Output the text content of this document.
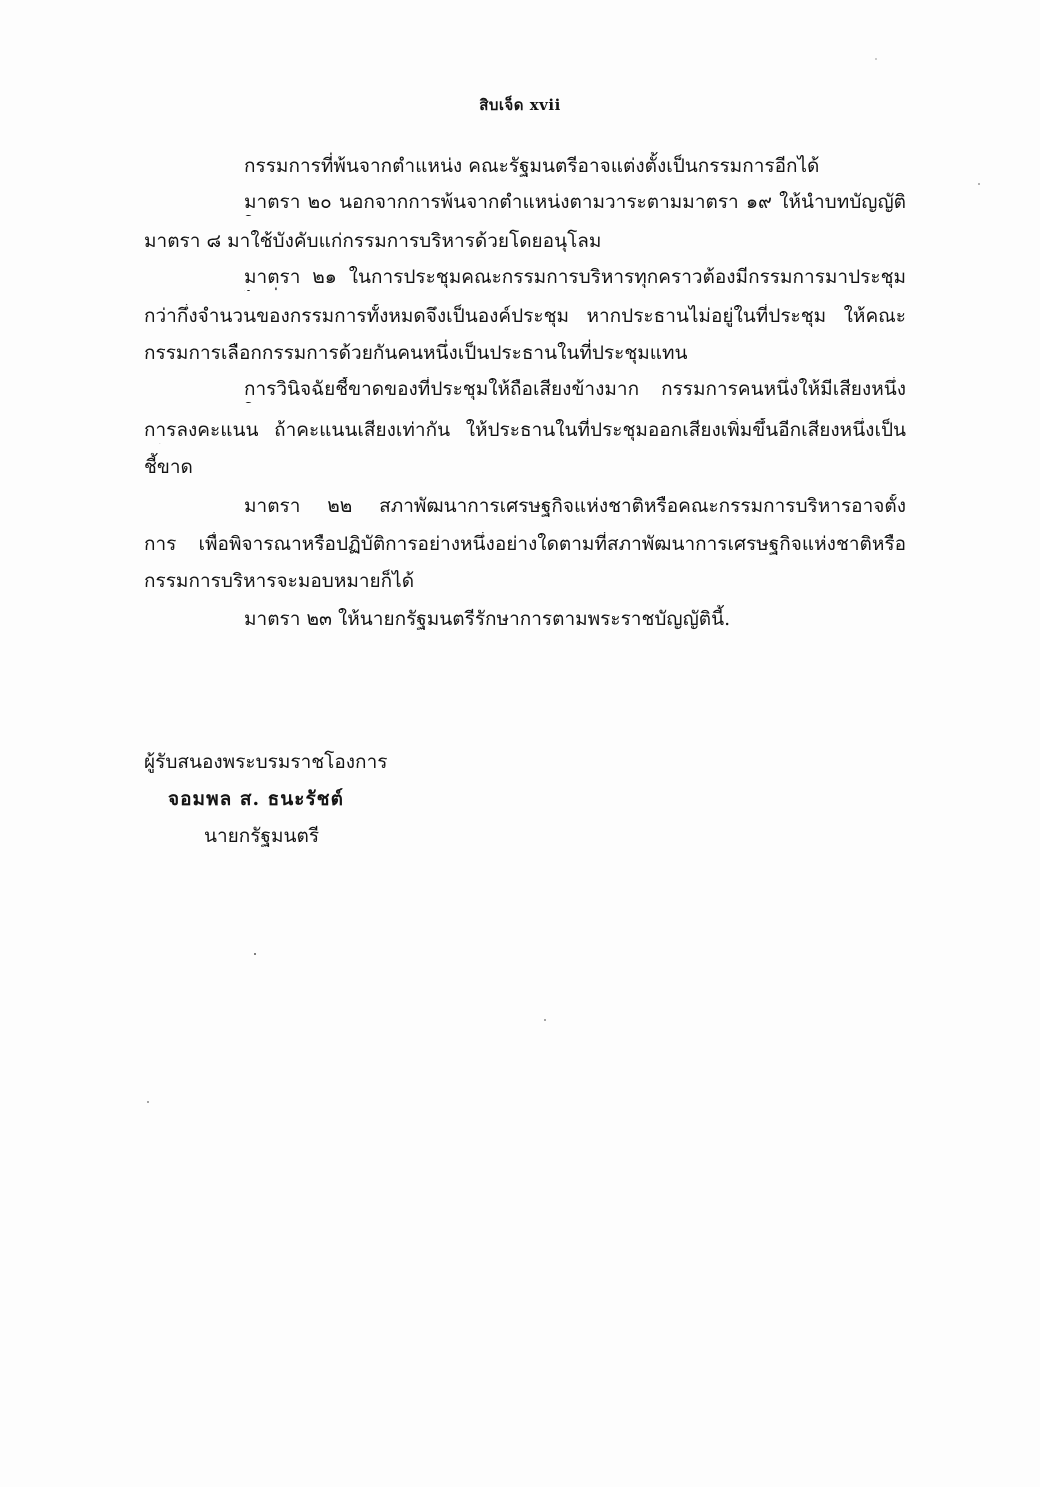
สิบเจ็ด xvii
กรรมการที่พ้นจากตำแหน่ง คณะรัฐมนตรีอาจแต่งตั้งเป็นกรรมการอีกได้
มาตรา ๒๐ นอกจากการพ้นจากตำแหน่งตามวาระตามมาตรา ๑๙ ให้นำบทบัญญัติ
มาตรา ๘ มาใช้บังคับแก่กรรมการบริหารด้วยโดยอนุโลม
มาตรา ๒๑ ในการประชุมคณะกรรมการบริหารทุกคราวต้องมีกรรมการมาประชุม
กว่ากึ่งจำนวนของกรรมการทั้งหมดจึงเป็นองค์ประชุม หากประธานไม่อยู่ในที่ประชุม ให้คณะ
กรรมการเลือกกรรมการด้วยกันคนหนึ่งเป็นประธานในที่ประชุมแทน
การวินิจฉัยชี้ขาดของที่ประชุมให้ถือเสียงข้างมาก กรรมการคนหนึ่งให้มีเสียงหนึ่ง
การลงคะแนน ถ้าคะแนนเสียงเท่ากัน ให้ประธานในที่ประชุมออกเสียงเพิ่มขึ้นอีกเสียงหนึ่งเป็น
ชี้ขาด
มาตรา ๒๒ สภาพัฒนาการเศรษฐกิจแห่งชาติหรือคณะกรรมการบริหารอาจตั้ง
การ เพื่อพิจารณาหรือปฏิบัติการอย่างหนึ่งอย่างใดตามที่สภาพัฒนาการเศรษฐกิจแห่งชาติหรือ
กรรมการบริหารจะมอบหมายก็ได้
มาตรา ๒๓ ให้นายกรัฐมนตรีรักษาการตามพระราชบัญญัตินี้.
ผู้รับสนองพระบรมราชโองการ
จอมพล ส. ธนะรัชต์
นายกรัฐมนตรี
